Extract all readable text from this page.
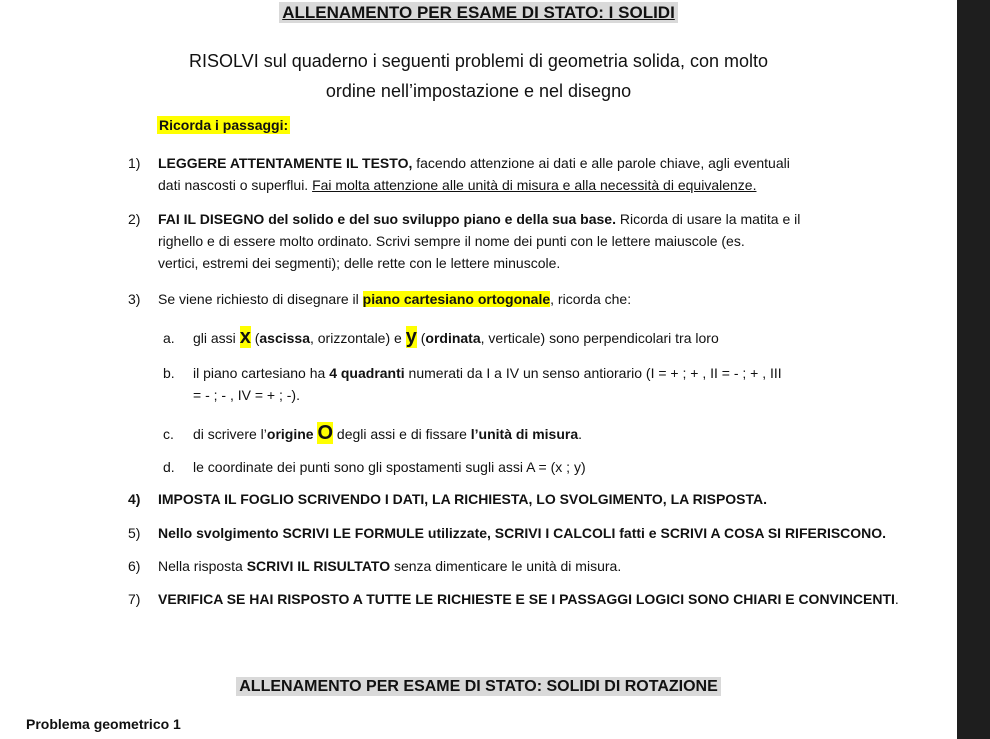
ALLENAMENTO PER ESAME DI STATO: I SOLIDI
RISOLVI sul quaderno i seguenti problemi di geometria solida, con molto
ordine nell’impostazione e nel disegno
Ricorda i passaggi:
1) LEGGERE ATTENTAMENTE IL TESTO, facendo attenzione ai dati e alle parole chiave, agli eventuali
dati nascosti o superflui. Fai molta attenzione alle unità di misura e alla necessità di equivalenze.
2) FAI IL DISEGNO del solido e del suo sviluppo piano e della sua base. Ricorda di usare la matita e il
righello e di essere molto ordinato. Scrivi sempre il nome dei punti con le lettere maiuscole (es.
vertici, estremi dei segmenti); delle rette con le lettere minuscole.
3) Se viene richiesto di disegnare il piano cartesiano ortogonale, ricorda che:
a. gli assi x (ascissa, orizzontale) e y (ordinata, verticale) sono perpendicolari tra loro
b. il piano cartesiano ha 4 quadranti numerati da I a IV un senso antiorario (I = + ; + , II = - ; + , III
= - ; - , IV = + ; -).
c. di scrivere l’origine O degli assi e di fissare l’unità di misura.
d. le coordinate dei punti sono gli spostamenti sugli assi A = (x ; y)
4) IMPOSTA IL FOGLIO SCRIVENDO I DATI, LA RICHIESTA, LO SVOLGIMENTO, LA RISPOSTA.
5) Nello svolgimento SCRIVI LE FORMULE utilizzate, SCRIVI I CALCOLI fatti e SCRIVI A COSA SI RIFERISCONO.
6) Nella risposta SCRIVI IL RISULTATO senza dimenticare le unità di misura.
7) VERIFICA SE HAI RISPOSTO A TUTTE LE RICHIESTE E SE I PASSAGGI LOGICI SONO CHIARI E CONVINCENTI.
ALLENAMENTO PER ESAME DI STATO: SOLIDI DI ROTAZIONE
Problema geometrico 1
